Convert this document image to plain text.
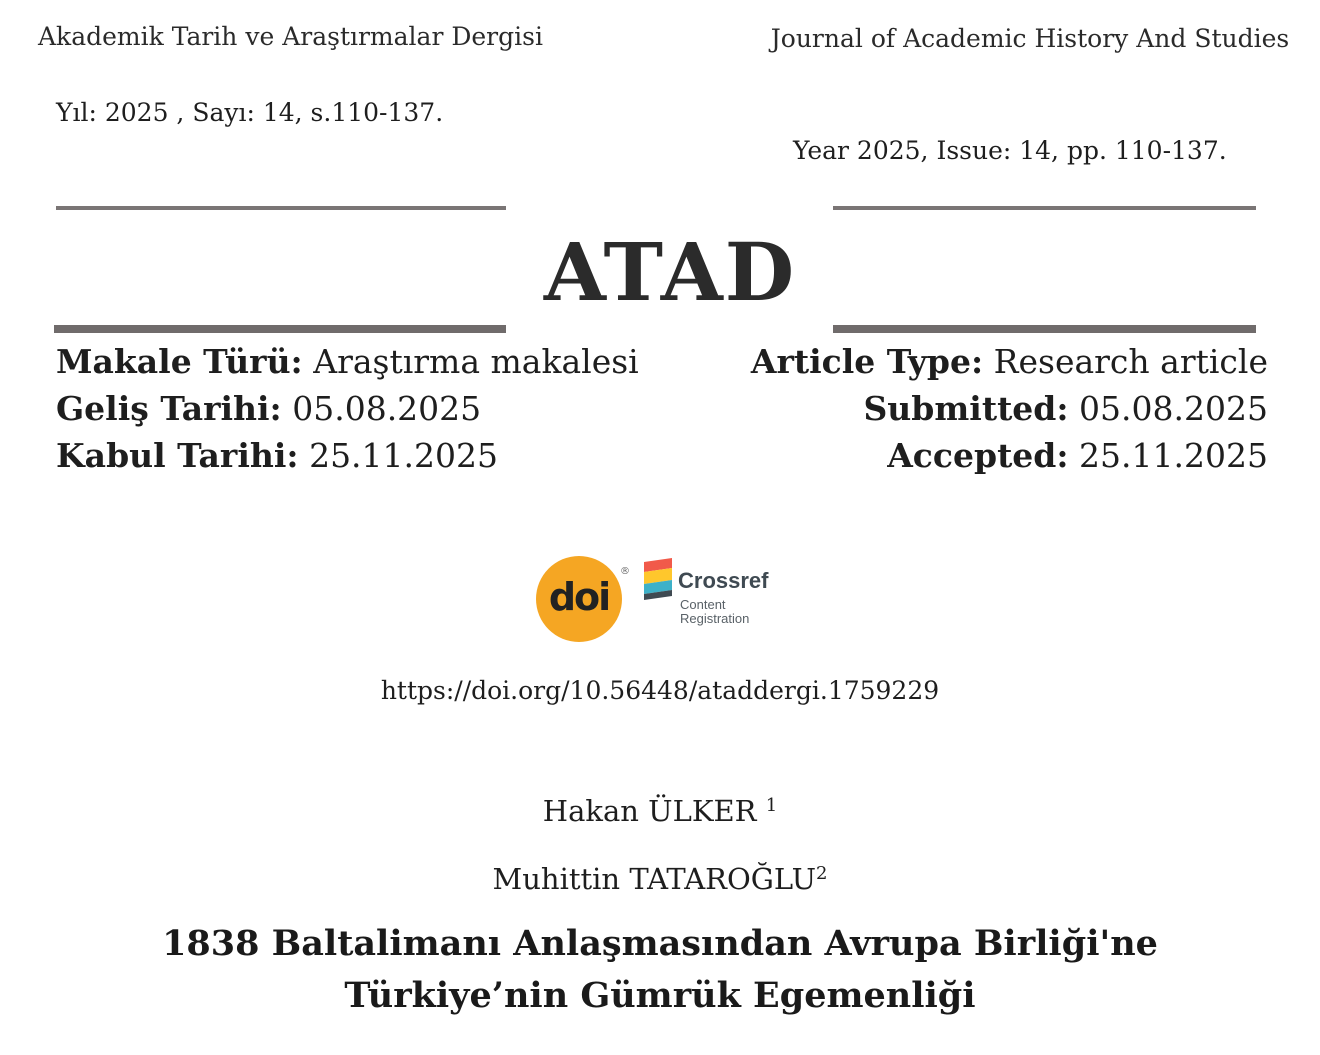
Akademik Tarih ve Araştırmalar Dergisi	Journal of Academic History And Studies
Yıl: 2025 , Sayı: 14, s.110-137.
Year 2025, Issue: 14, pp. 110-137.
ATAD
Makale Türü: Araştırma makalesi
Geliş Tarihi: 05.08.2025
Kabul Tarihi: 25.11.2025
Article Type: Research article
Submitted: 05.08.2025
Accepted: 25.11.2025
doi
® Crossref
Content
Registration
https://doi.org/10.56448/ataddergi.1759229
Hakan ÜLKER $^1$
Muhittin TATAROĞLU$^2$
1838 Baltalimanı Anlaşmasından Avrupa Birliği'ne Türkiye’nin Gümrük Egemenliği
